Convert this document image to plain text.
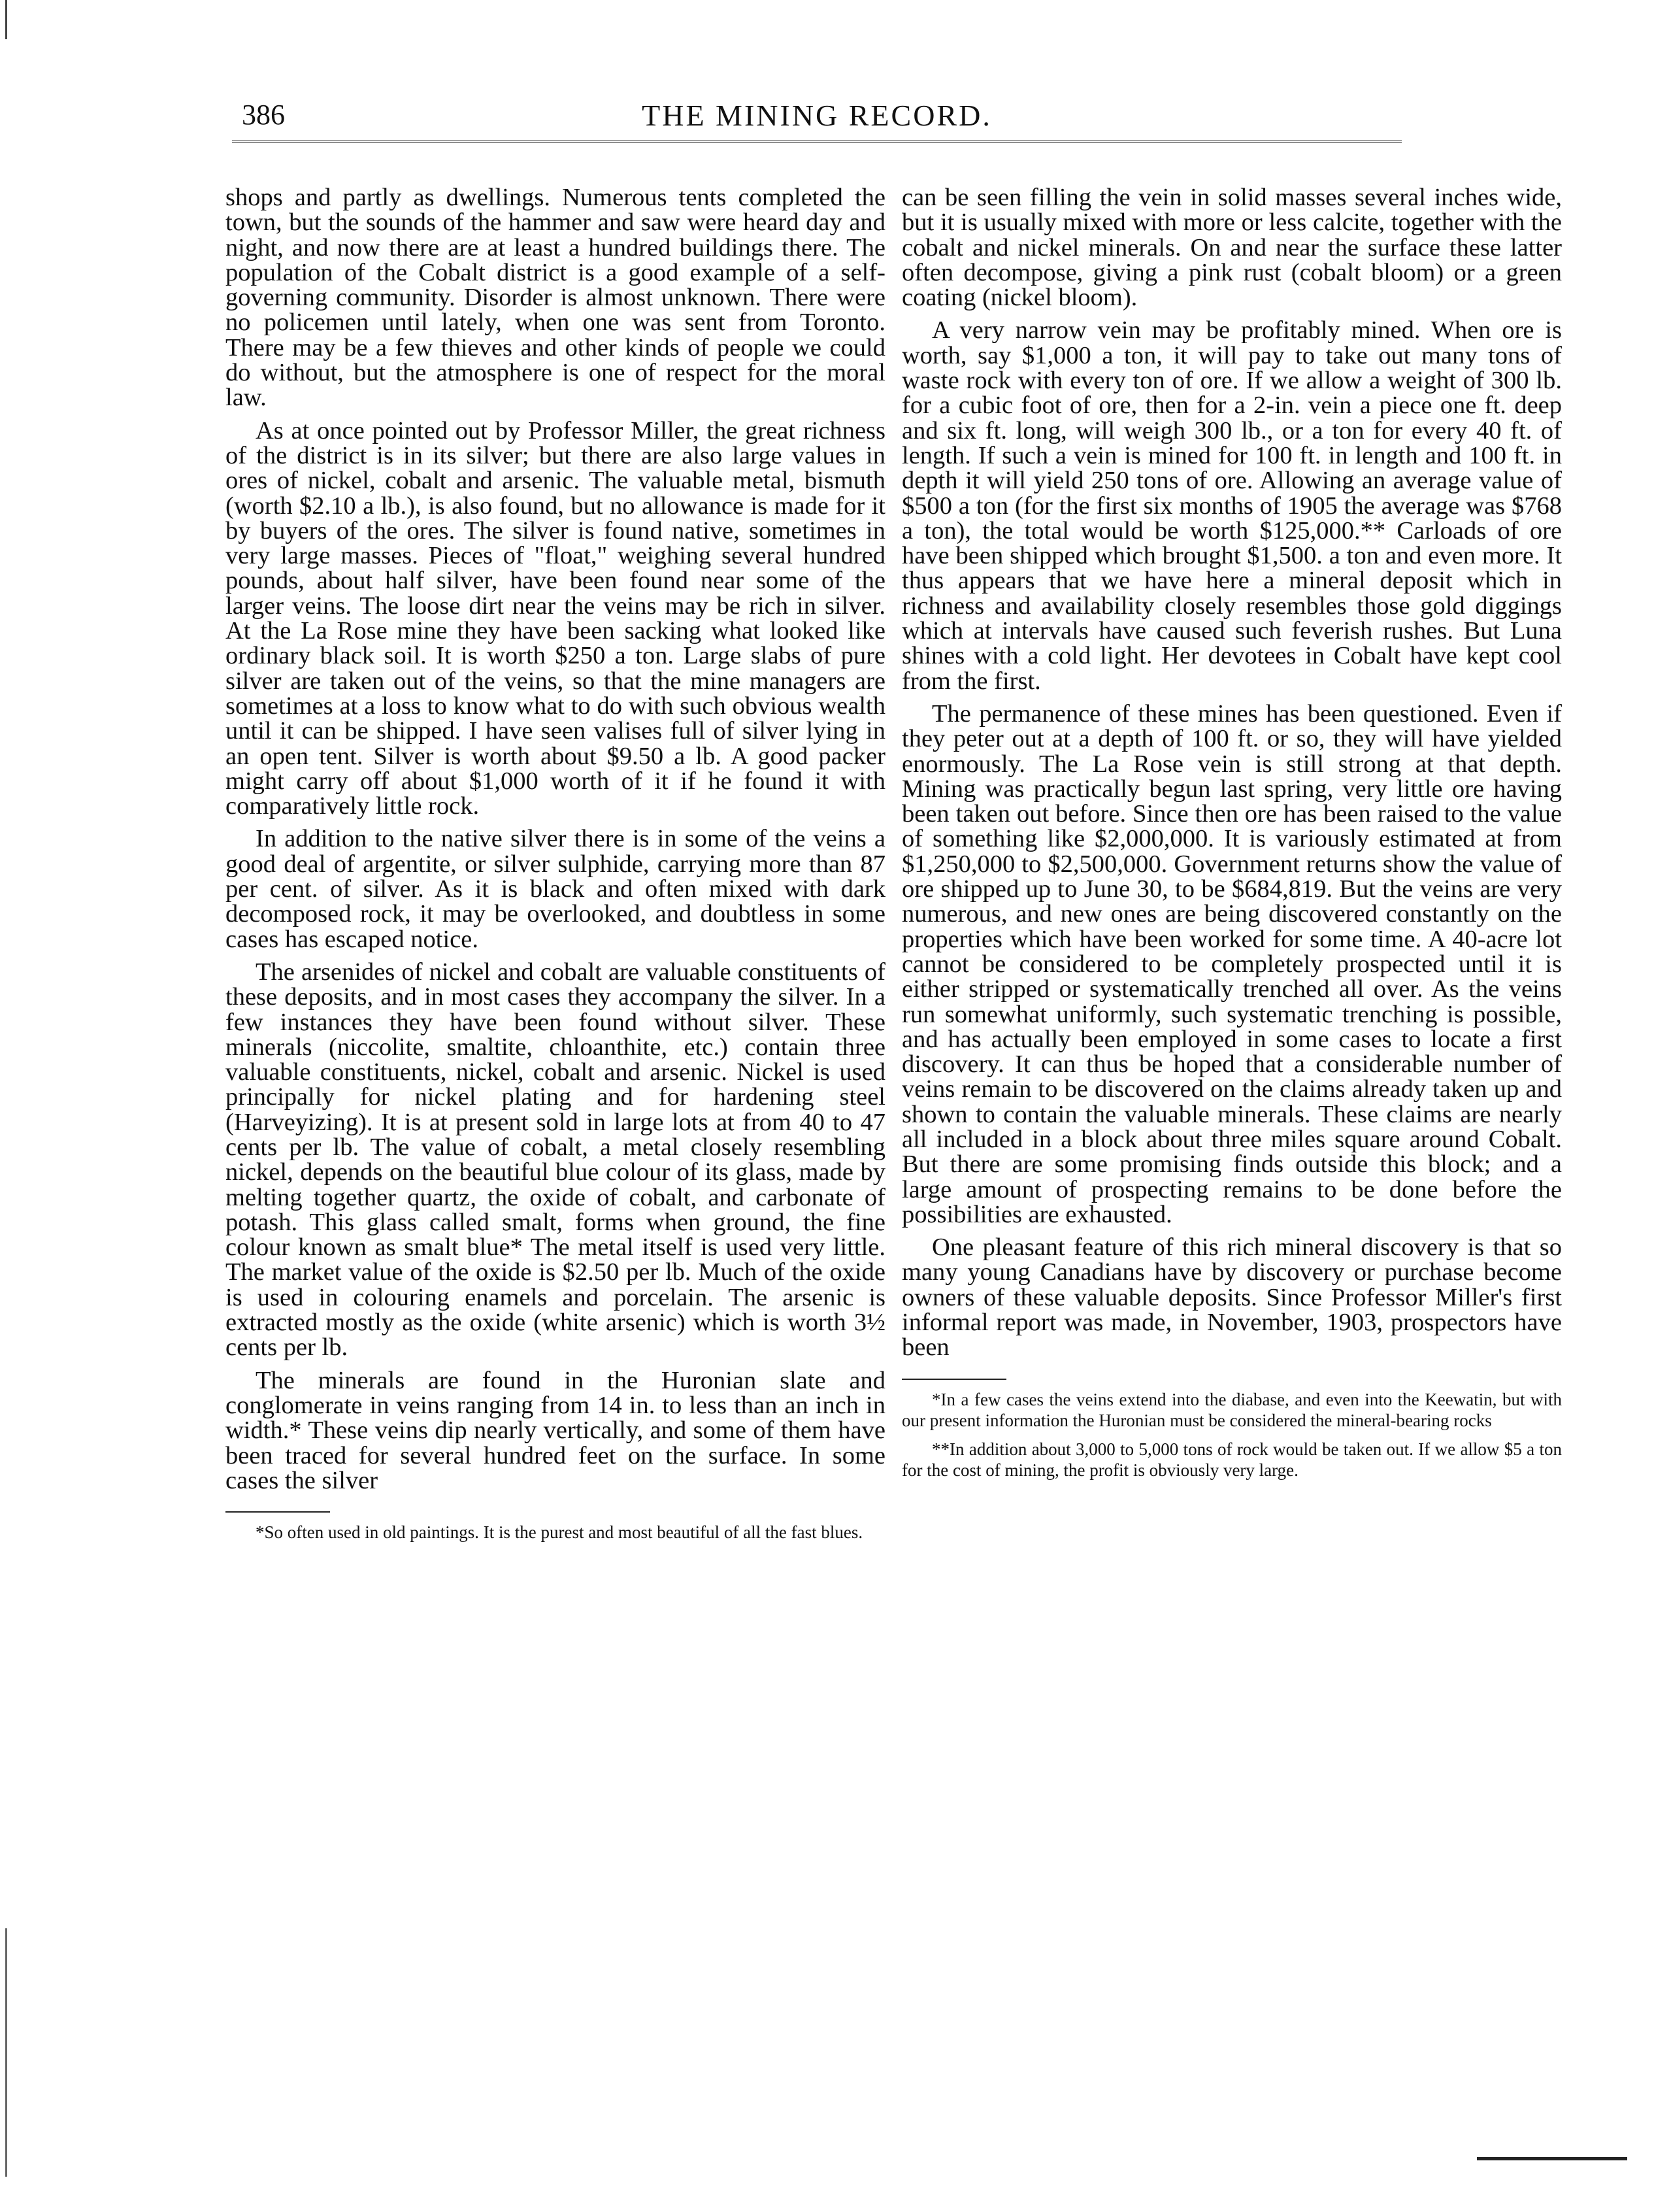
386	THE MINING RECORD.

shops and partly as dwellings. Numerous tents completed the town, but the sounds of the hammer and saw were heard day and night, and now there are at least a hundred buildings there. The population of the Cobalt district is a good example of a self-governing community. Disorder is almost unknown. There were no policemen until lately, when one was sent from Toronto. There may be a few thieves and other kinds of people we could do without, but the atmosphere is one of respect for the moral law.

As at once pointed out by Professor Miller, the great richness of the district is in its silver; but there are also large values in ores of nickel, cobalt and arsenic. The valuable metal, bismuth (worth $2.10 a lb.), is also found, but no allowance is made for it by buyers of the ores. The silver is found native, sometimes in very large masses. Pieces of "float," weighing several hundred pounds, about half silver, have been found near some of the larger veins. The loose dirt near the veins may be rich in silver. At the La Rose mine they have been sacking what looked like ordinary black soil. It is worth $250 a ton. Large slabs of pure silver are taken out of the veins, so that the mine managers are sometimes at a loss to know what to do with such obvious wealth until it can be shipped. I have seen valises full of silver lying in an open tent. Silver is worth about $9.50 a lb. A good packer might carry off about $1,000 worth of it if he found it with comparatively little rock.

In addition to the native silver there is in some of the veins a good deal of argentite, or silver sulphide, carrying more than 87 per cent. of silver. As it is black and often mixed with dark decomposed rock, it may be overlooked, and doubtless in some cases has escaped notice.

The arsenides of nickel and cobalt are valuable constituents of these deposits, and in most cases they accompany the silver. In a few instances they have been found without silver. These minerals (niccolite, smaltite, chloanthite, etc.) contain three valuable constituents, nickel, cobalt and arsenic. Nickel is used principally for nickel plating and for hardening steel (Harveyizing). It is at present sold in large lots at from 40 to 47 cents per lb. The value of cobalt, a metal closely resembling nickel, depends on the beautiful blue colour of its glass, made by melting together quartz, the oxide of cobalt, and carbonate of potash. This glass called smalt, forms when ground, the fine colour known as smalt blue* The metal itself is used very little. The market value of the oxide is $2.50 per lb. Much of the oxide is used in colouring enamels and porcelain. The arsenic is extracted mostly as the oxide (white arsenic) which is worth 3½ cents per lb.

The minerals are found in the Huronian slate and conglomerate in veins ranging from 14 in. to less than an inch in width.* These veins dip nearly vertically, and some of them have been traced for several hundred feet on the surface. In some cases the silver

*So often used in old paintings. It is the purest and most beautiful of all the fast blues.

can be seen filling the vein in solid masses several inches wide, but it is usually mixed with more or less calcite, together with the cobalt and nickel minerals. On and near the surface these latter often decompose, giving a pink rust (cobalt bloom) or a green coating (nickel bloom).

A very narrow vein may be profitably mined. When ore is worth, say $1,000 a ton, it will pay to take out many tons of waste rock with every ton of ore. If we allow a weight of 300 lb. for a cubic foot of ore, then for a 2-in. vein a piece one ft. deep and six ft. long, will weigh 300 lb., or a ton for every 40 ft. of length. If such a vein is mined for 100 ft. in length and 100 ft. in depth it will yield 250 tons of ore. Allowing an average value of $500 a ton (for the first six months of 1905 the average was $768 a ton), the total would be worth $125,000.** Carloads of ore have been shipped which brought $1,500. a ton and even more. It thus appears that we have here a mineral deposit which in richness and availability closely resembles those gold diggings which at intervals have caused such feverish rushes. But Luna shines with a cold light. Her devotees in Cobalt have kept cool from the first.

The permanence of these mines has been questioned. Even if they peter out at a depth of 100 ft. or so, they will have yielded enormously. The La Rose vein is still strong at that depth. Mining was practically begun last spring, very little ore having been taken out before. Since then ore has been raised to the value of something like $2,000,000. It is variously estimated at from $1,250,000 to $2,500,000. Government returns show the value of ore shipped up to June 30, to be $684,819. But the veins are very numerous, and new ones are being discovered constantly on the properties which have been worked for some time. A 40-acre lot cannot be considered to be completely prospected until it is either stripped or systematically trenched all over. As the veins run somewhat uniformly, such systematic trenching is possible, and has actually been employed in some cases to locate a first discovery. It can thus be hoped that a considerable number of veins remain to be discovered on the claims already taken up and shown to contain the valuable minerals. These claims are nearly all included in a block about three miles square around Cobalt. But there are some promising finds outside this block; and a large amount of prospecting remains to be done before the possibilities are exhausted.

One pleasant feature of this rich mineral discovery is that so many young Canadians have by discovery or purchase become owners of these valuable deposits. Since Professor Miller's first informal report was made, in November, 1903, prospectors have been

*In a few cases the veins extend into the diabase, and even into the Keewatin, but with our present information the Huronian must be considered the mineral-bearing rocks

**In addition about 3,000 to 5,000 tons of rock would be taken out. If we allow $5 a ton for the cost of mining, the profit is obviously very large.
